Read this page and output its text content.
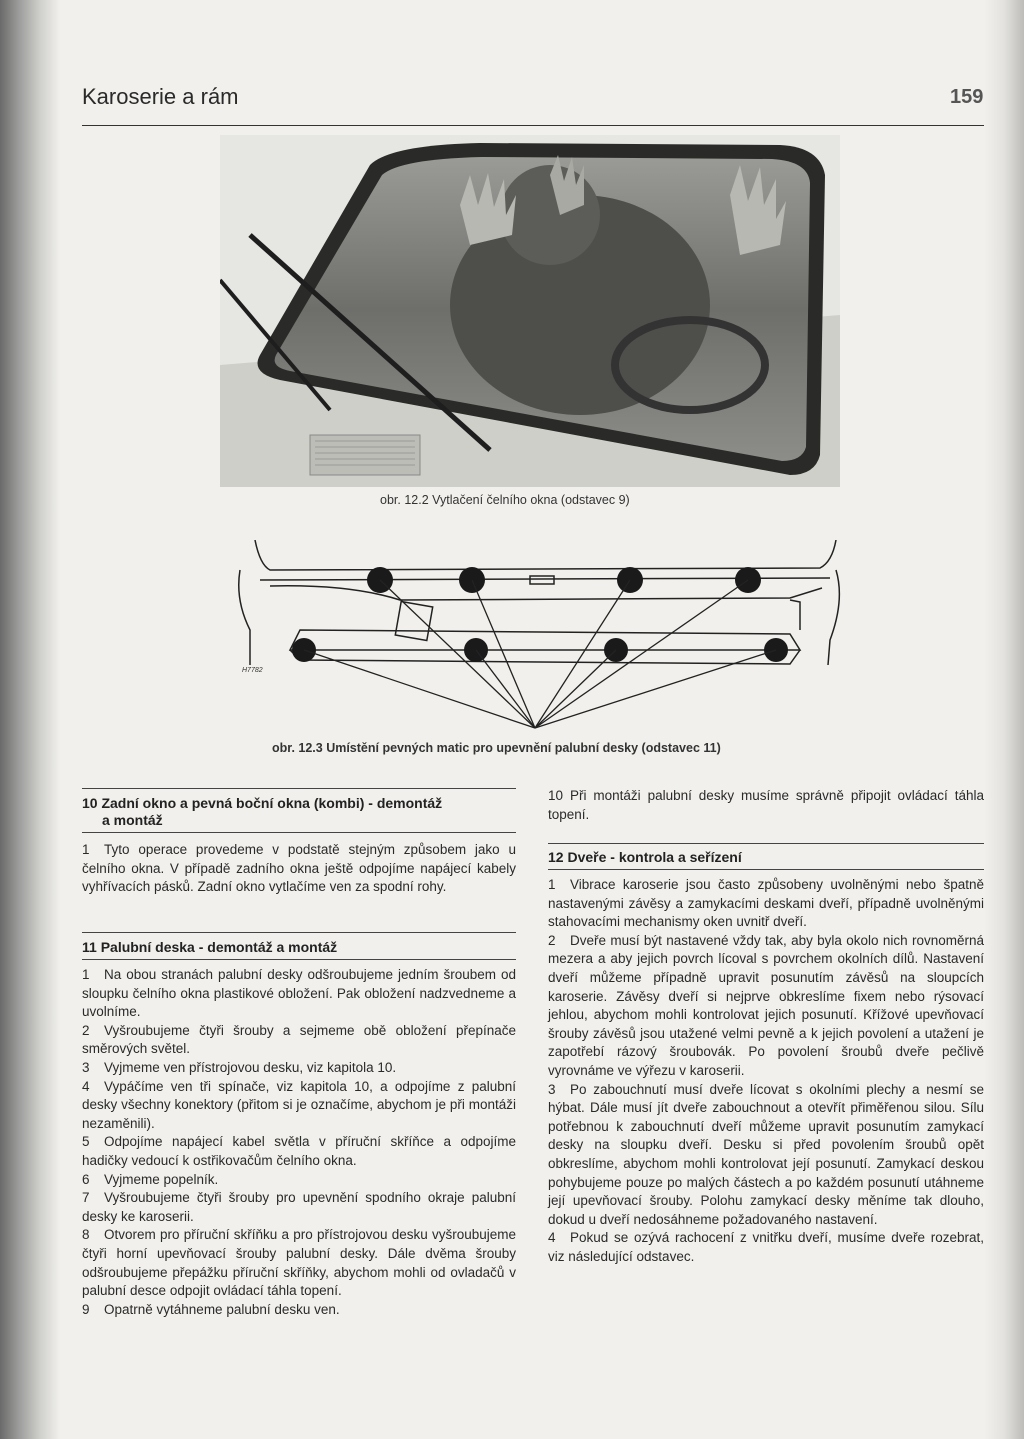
Karoserie a rám	159
obr. 12.2 Vytlačení čelního okna (odstavec 9)
H7782
obr. 12.3 Umístění pevných matic pro upevnění palubní desky (odstavec 11)
10 Zadní okno a pevná boční okna (kombi) - demontáž
a montáž
1 Tyto operace provedeme v podstatě stejným způsobem jako u čelního okna. V případě zadního okna ještě odpojíme napájecí kabely vyhřívacích pásků. Zadní okno vytlačíme ven za spodní rohy.
11 Palubní deska - demontáž a montáž
1 Na obou stranách palubní desky odšroubujeme jedním šroubem od sloupku čelního okna plastikové obložení. Pak obložení nadzvedneme a uvolníme.
2 Vyšroubujeme čtyři šrouby a sejmeme obě obložení přepínače směrových světel.
3 Vyjmeme ven přístrojovou desku, viz kapitola 10.
4 Vypáčíme ven tři spínače, viz kapitola 10, a odpojíme z palubní desky všechny konektory (přitom si je označíme, abychom je při montáži nezaměnili).
5 Odpojíme napájecí kabel světla v příruční skříňce a odpojíme hadičky vedoucí k ostřikovačům čelního okna.
6 Vyjmeme popelník.
7 Vyšroubujeme čtyři šrouby pro upevnění spodního okraje palubní desky ke karoserii.
8 Otvorem pro příruční skříňku a pro přístrojovou desku vyšroubujeme čtyři horní upevňovací šrouby palubní desky. Dále dvěma šrouby odšroubujeme přepážku příruční skříňky, abychom mohli od ovladačů v palubní desce odpojit ovládací táhla topení.
9 Opatrně vytáhneme palubní desku ven.
10 Při montáži palubní desky musíme správně připojit ovládací táhla topení.
12 Dveře - kontrola a seřízení
1 Vibrace karoserie jsou často způsobeny uvolněnými nebo špatně nastavenými závěsy a zamykacími deskami dveří, případně uvolněnými stahovacími mechanismy oken uvnitř dveří.
2 Dveře musí být nastavené vždy tak, aby byla okolo nich rovnoměrná mezera a aby jejich povrch lícoval s povrchem okolních dílů. Nastavení dveří můžeme případně upravit posunutím závěsů na sloupcích karoserie. Závěsy dveří si nejprve obkreslíme fixem nebo rýsovací jehlou, abychom mohli kontrolovat jejich posunutí. Křížové upevňovací šrouby závěsů jsou utažené velmi pevně a k jejich povolení a utažení je zapotřebí rázový šroubovák. Po povolení šroubů dveře pečlivě vyrovnáme ve výřezu v karoserii.
3 Po zabouchnutí musí dveře lícovat s okolními plechy a nesmí se hýbat. Dále musí jít dveře zabouchnout a otevřít přiměřenou silou. Sílu potřebnou k zabouchnutí dveří můžeme upravit posunutím zamykací desky na sloupku dveří. Desku si před povolením šroubů opět obkreslíme, abychom mohli kontrolovat její posunutí. Zamykací deskou pohybujeme pouze po malých částech a po každém posunutí utáhneme její upevňovací šrouby. Polohu zamykací desky měníme tak dlouho, dokud u dveří nedosáhneme požadovaného nastavení.
4 Pokud se ozývá rachocení z vnitřku dveří, musíme dveře rozebrat, viz následující odstavec.
